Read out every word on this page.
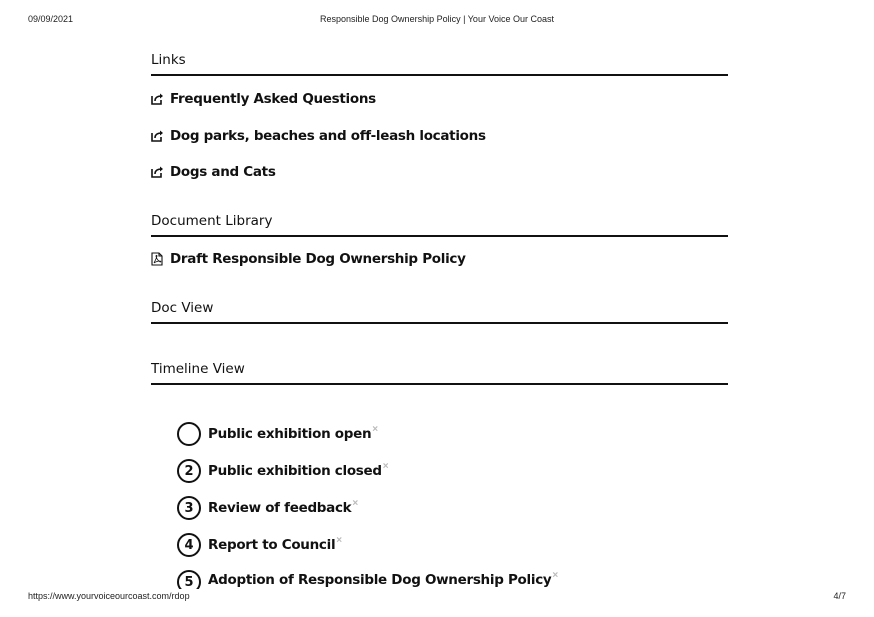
09/09/2021	Responsible Dog Ownership Policy | Your Voice Our Coast
Links
Frequently Asked Questions
Dog parks, beaches and off-leash locations
Dogs and Cats
Document Library
Draft Responsible Dog Ownership Policy
Doc View
Timeline View
Public exhibition open ×
2	Public exhibition closed ×
3	Review of feedback ×
4	Report to Council ×
5	Adoption of Responsible Dog Ownership Policy ×
https://www.yourvoiceourcoast.com/rdop	4/7
